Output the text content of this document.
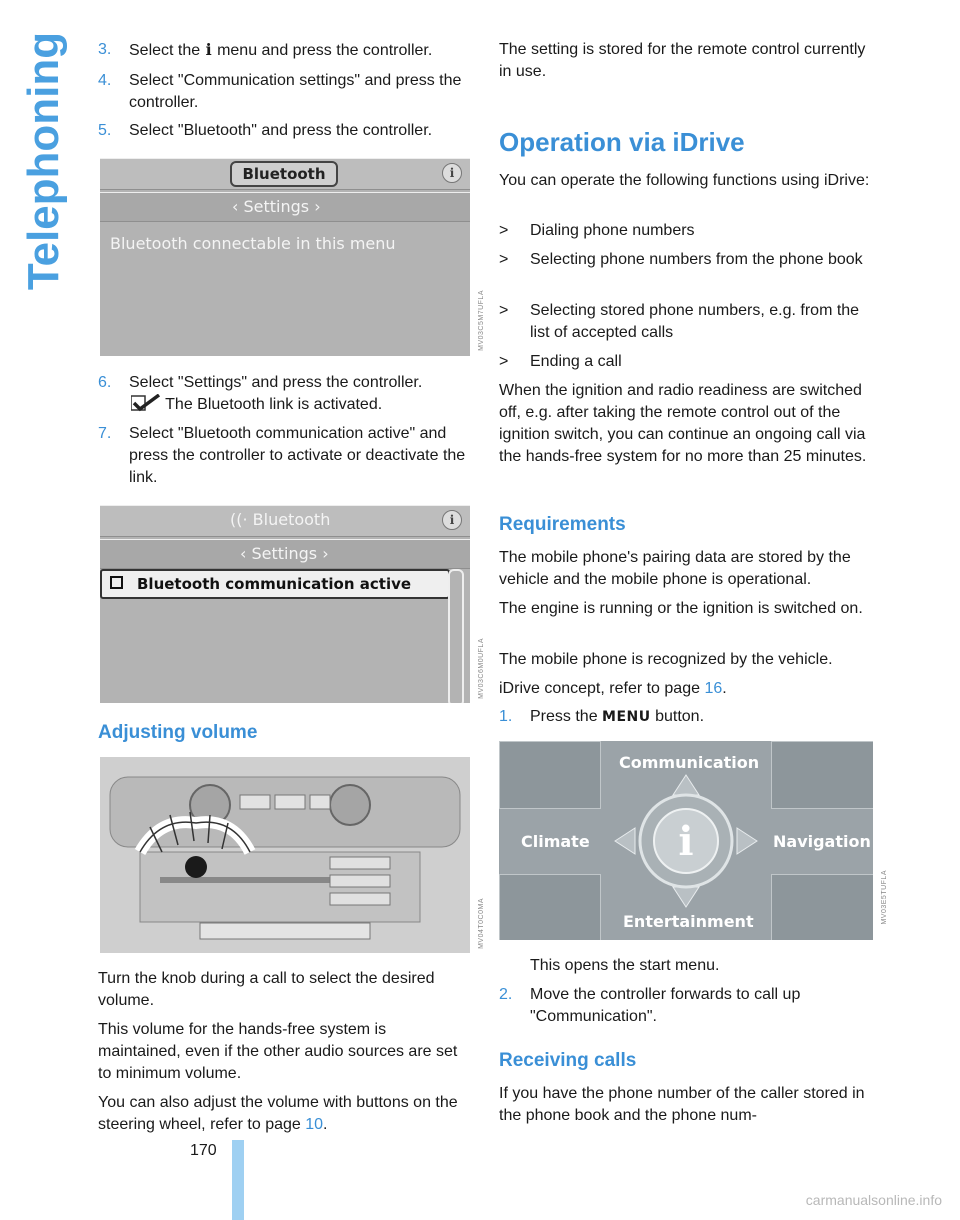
Telephoning
170
carmanualsonline.info
3.	Select the i menu and press the controller.
4.	Select "Communication settings" and press the controller.
5.	Select "Bluetooth" and press the controller.
Bluetooth	i
‹ Settings ›
Bluetooth connectable in this menu
MV03C5M7UFLA
6.	Select "Settings" and press the controller.
The Bluetooth link is activated.
7.	Select "Bluetooth communication active" and press the controller to activate or deactivate the link.
((· Bluetooth	i
‹ Settings ›
Bluetooth communication active
MV03C6M0UFLA
Adjusting volume
MV04T0C0MA

Turn the knob during a call to select the desired volume.

This volume for the hands-free system is maintained, even if the other audio sources are set to minimum volume.

You can also adjust the volume with buttons on the steering wheel, refer to page 10.

The setting is stored for the remote control currently in use.

Operation via iDrive

You can operate the following functions using iDrive:

>	Dialing phone numbers
>	Selecting phone numbers from the phone book
>	Selecting stored phone numbers, e.g. from the list of accepted calls
>	Ending a call

When the ignition and radio readiness are switched off, e.g. after taking the remote control out of the ignition switch, you can continue an ongoing call via the hands-free system for no more than 25 minutes.

Requirements

The mobile phone's pairing data are stored by the vehicle and the mobile phone is operational.

The engine is running or the ignition is switched on.

The mobile phone is recognized by the vehicle.

iDrive concept, refer to page 16.

1.	Press the MENU button.
i
Communication
Climate	Navigation
Entertainment	MV03E5TUFLA

This opens the start menu.

2.	Move the controller forwards to call up "Communication".
Receiving calls

If you have the phone number of the caller stored in the phone book and the phone num-
